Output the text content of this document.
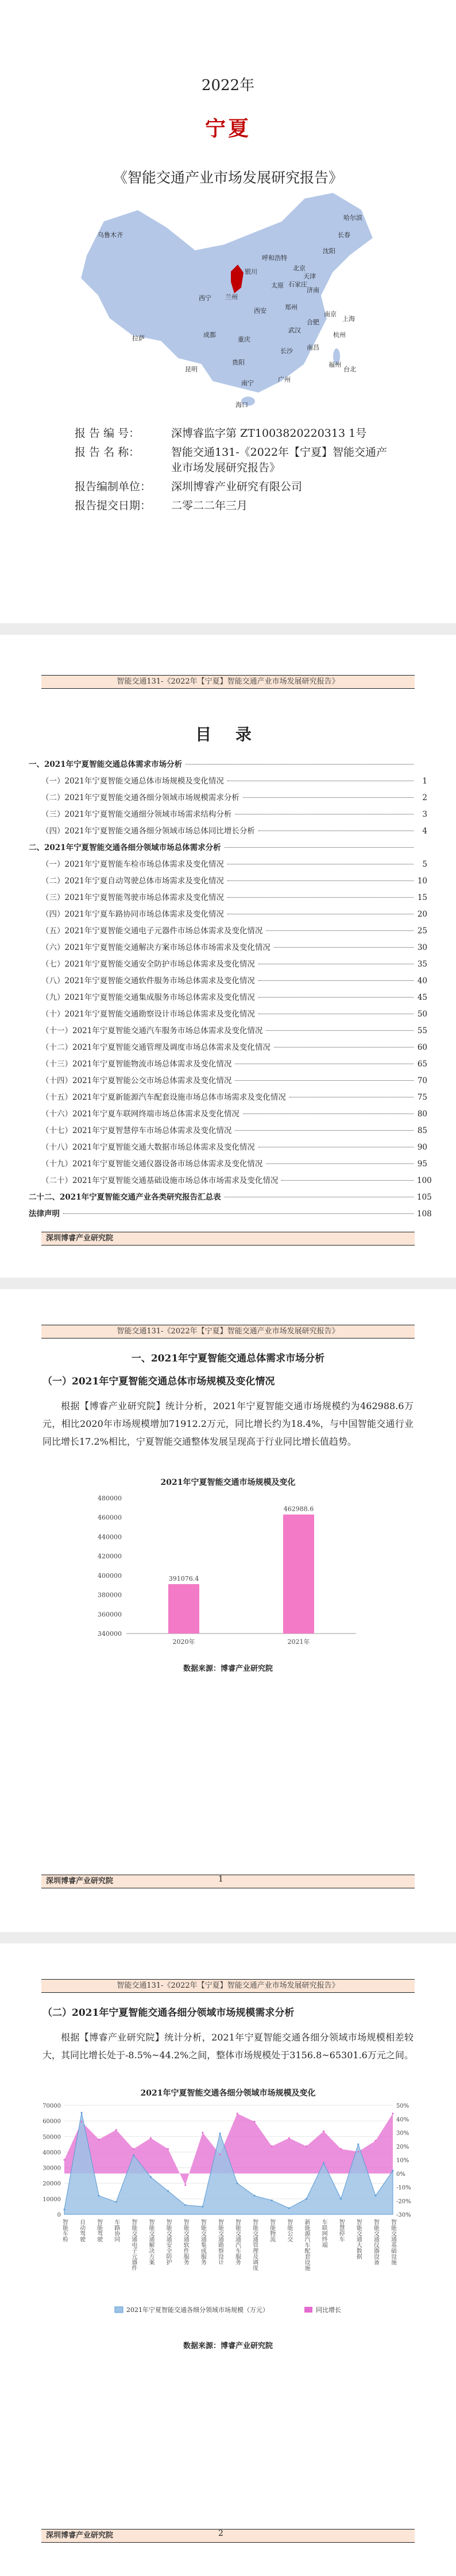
2022年
宁夏
《智能交通产业市场发展研究报告》
乌鲁木齐
哈尔滨
长春
沈阳
北京
天津
呼和浩特
银川
石家庄
太原
济南
西宁 兰州
西安	郑州
南京
合肥	上海
拉萨	成都
武汉
杭州
重庆
长沙 南昌
福州
贵阳
昆明
广州
南宁
台北
海口
报 告 编 号：	深博睿监字第 ZT1003820220313 1号
报 告 名 称：	智能交通131-《2022年【宁夏】智能交通产业市场发展研究报告》
报告编制单位： 深圳博睿产业研究有限公司
报告提交日期： 二零二二年三月
智能交通131-《2022年【宁夏】智能交通产业市场发展研究报告》
目 录
一、2021年宁夏智能交通总体需求市场分析
（一）2021年宁夏智能交通总体市场规模及变化情况	1
（二）2021年宁夏智能交通各细分领域市场规模需求分析	2
（三）2021年宁夏智能交通细分领域市场需求结构分析	3
（四）2021年宁夏智能交通各细分领域市场总体同比增长分析	4
二、2021年宁夏智能交通各细分领域市场总体需求分析
（一）2021年宁夏智能车检市场总体需求及变化情况	5
（二）2021年宁夏自动驾驶总体市场需求及变化情况	10
（三）2021年宁夏智能驾驶市场总体需求及变化情况	15
（四）2021年宁夏车路协同市场总体需求及变化情况	20
（五）2021年宁夏智能交通电子元器件市场总体需求及变化情况	25
（六）2021年宁夏智能交通解决方案市场总体市场需求及变化情况	30
（七）2021年宁夏智能交通安全防护市场总体需求及变化情况	35
（八）2021年宁夏智能交通软件服务市场总体需求及变化情况	40
（九）2021年宁夏智能交通集成服务市场总体需求及变化情况	45
（十）2021年宁夏智能交通勘察设计市场总体需求及变化情况	50
（十一）2021年宁夏智能交通汽车服务市场总体需求及变化情况	55
（十二）2021年宁夏智能交通管理及调度市场总体需求及变化情况	60
（十三）2021年宁夏智能物流市场总体需求及变化情况	65
（十四）2021年宁夏智能公交市场总体需求及变化情况	70
（十五）2021年宁夏新能源汽车配套设施市场总体市场需求及变化情况	75
（十六）2021年宁夏车联网终端市场总体需求及变化情况	80
（十七）2021年宁夏智慧停车市场总体需求及变化情况	85
（十八）2021年宁夏智能交通大数据市场总体需求及变化情况	90
（十九）2021年宁夏智能交通仪器设备市场总体需求及变化情况	95
（二十）2021年宁夏智能交通基础设施市场总体市场需求及变化情况	100
二十二、2021年宁夏智能交通产业各类研究报告汇总表	105
法律声明	108
深圳博睿产业研究院
智能交通131-《2022年【宁夏】智能交通产业市场发展研究报告》
一、2021年宁夏智能交通总体需求市场分析
（一）2021年宁夏智能交通总体市场规模及变化情况
根据【博睿产业研究院】统计分析，2021年宁夏智能交通市场规模约为462988.6万元，相比2020年市场规模增加71912.2万元，同比增长约为18.4%，与中国智能交通行业同比增长17.2%相比，宁夏智能交通整体发展呈现高于行业同比增长值趋势。
2021年宁夏智能交通市场规模及变化
340000
360000
380000
400000
420000
440000
460000
480000
391076.4
2020年
462988.6
2021年
数据来源：博睿产业研究院
深圳博睿产业研究院	1
智能交通131-《2022年【宁夏】智能交通产业市场发展研究报告》
（二）2021年宁夏智能交通各细分领域市场规模需求分析
根据【博睿产业研究院】统计分析，2021年宁夏智能交通各细分领域市场规模相差较大，其同比增长处于-8.5%~44.2%之间，整体市场规模处于3156.8~65301.6万元之间。
2021年宁夏智能交通各细分领域市场规模及变化
0
10000
20000
30000
40000
50000
60000
70000
-30%
-20%
-10%
0%
10%
20%
30%
40%
50%
智能车检 自动驾驶 智能驾驶 车路协同 智能交通电子元器件 智能交通解决方案 智能交通安全防护 智能交通软件服务 智能交通集成服务 智能交通勘察设计 智能交通汽车服务 智能交通管理及调度 智能物流 智能公交 新能源汽车配套设施 车联网终端 智慧停车 智能交通大数据 智能交通仪器设备 智能交通基础设施
2021年宁夏智能交通各细分领域市场规模（万元）	同比增长
数据来源：博睿产业研究院
深圳博睿产业研究院	2
